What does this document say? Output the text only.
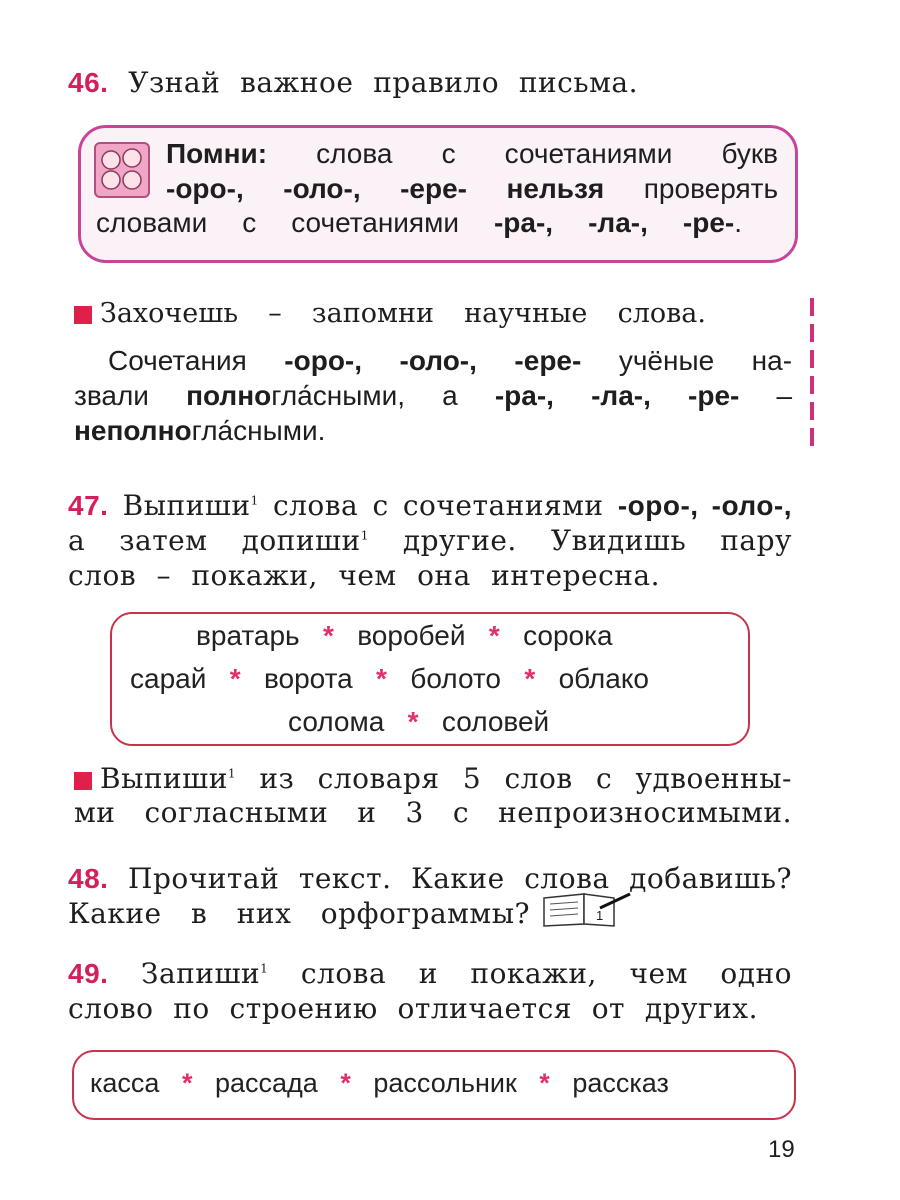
46. Узнай важное правило письма.
Помни: слова с сочетаниями букв
-оро-, -оло-, -ере- нельзя проверять
словами с сочетаниями -ра-, -ла-, -ре-.
Захочешь – запомни научные слова.
Сочетания -оро-, -оло-, -ере- учёные на-
звали полногла́сными, а -ра-, -ла-, -ре- –
неполногла́сными.
47. Выпиши$^1$ слова с сочетаниями -оро-, -оло-,
а затем допиши$^1$ другие. Увидишь пару
слов – покажи, чем она интересна.
вратарь * воробей * сорока
сарай * ворота * болото * облако
солома * соловей
Выпиши$^1$ из словаря 5 слов с удвоенны-
ми согласными и 3 с непроизносимыми.
48. Прочитай текст. Какие слова добавишь?
Какие в них орфограммы?	1
49. Запиши$^1$ слова и покажи, чем одно
слово по строению отличается от других.
касса * рассада * рассольник * рассказ
19
